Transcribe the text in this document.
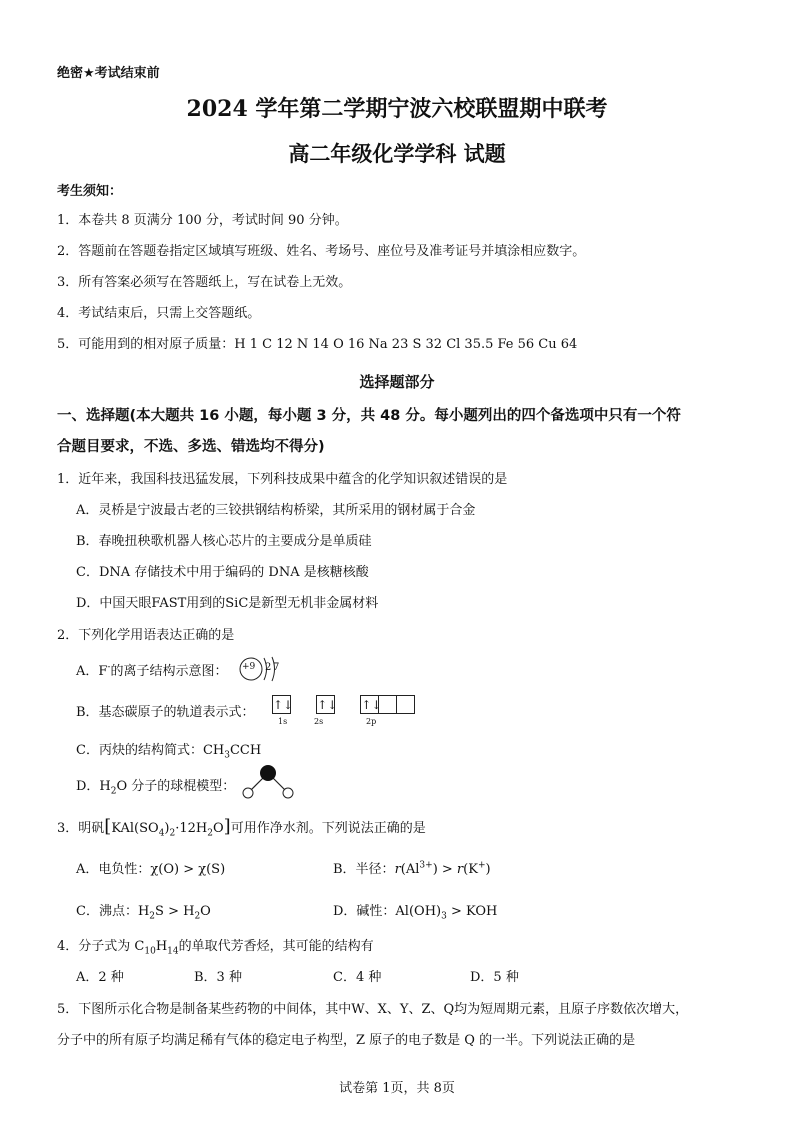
绝密★考试结束前
2024 学年第二学期宁波六校联盟期中联考
高二年级化学学科 试题
考生须知：
1．本卷共 8 页满分 100 分，考试时间 90 分钟。
2．答题前在答题卷指定区域填写班级、姓名、考场号、座位号及准考证号并填涂相应数字。
3．所有答案必须写在答题纸上，写在试卷上无效。
4．考试结束后，只需上交答题纸。
5．可能用到的相对原子质量：H 1 C 12 N 14 O 16 Na 23 S 32 Cl 35.5 Fe 56 Cu 64
选择题部分
一、选择题(本大题共 16 小题，每小题 3 分，共 48 分。每小题列出的四个备选项中只有一个符
合题目要求，不选、多选、错选均不得分)
1．近年来，我国科技迅猛发展，下列科技成果中蕴含的化学知识叙述错误的是
A．灵桥是宁波最古老的三铰拱钢结构桥梁，其所采用的钢材属于合金
B．春晚扭秧歌机器人核心芯片的主要成分是单质硅
C．DNA 存储技术中用于编码的 DNA 是核糖核酸
D．中国天眼FAST用到的SiC是新型无机非金属材料
2．下列化学用语表达正确的是
A．F-的离子结构示意图： +9 2 7
B．基态碳原子的轨道表示式： ↑↓ ↑↓ ↑↓
1s	2s	2p
C．丙炔的结构简式：$CH_3CCH$
D．$H_2O$ 分子的球棍模型：
3．明矾$[KAl(SO_4)_2\cdot 12H_2O]$可用作净水剂。下列说法正确的是
A．电负性：χ(O) > χ(S)	B．半径：$r(Al^{3+}) > r(K^+)$
C．沸点：$H_2S > H_2O$	D．碱性：$Al(OH)_3$ > KOH
4．分子式为 $C_{10}H_{14}$的单取代芳香烃，其可能的结构有
A．2 种	B．3 种	C．4 种	D．5 种
5．下图所示化合物是制备某些药物的中间体，其中W、X、Y、Z、Q均为短周期元素，且原子序数依次增大，
分子中的所有原子均满足稀有气体的稳定电子构型，Z 原子的电子数是 Q 的一半。下列说法正确的是
试卷第 1页，共 8页
